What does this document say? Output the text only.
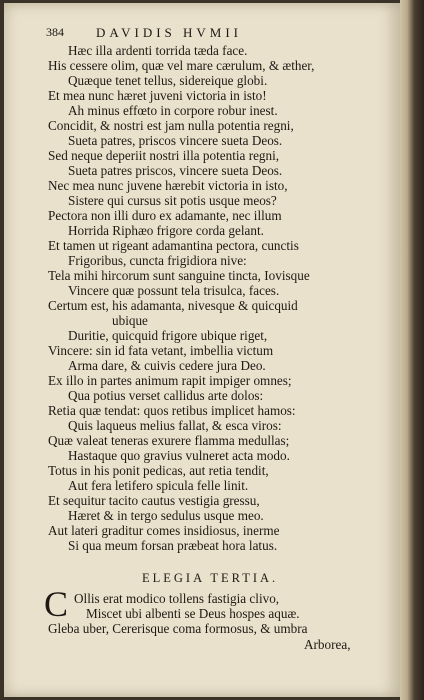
384 DAVIDIS HVMII
Hæc illa ardenti torrida tæda face.
His cessere olim, quæ vel mare cærulum, & æther,
Quæque tenet tellus, sidereique globi.
Et mea nunc hæret juveni victoria in isto!
Ah minus effœto in corpore robur inest.
Concidit, & nostri est jam nulla potentia regni,
Sueta patres, priscos vincere sueta Deos.
Sed neque deperiit nostri illa potentia regni,
Sueta patres priscos, vincere sueta Deos.
Nec mea nunc juvene hærebit victoria in isto,
Sistere qui cursus sit potis usque meos?
Pectora non illi duro ex adamante, nec illum
Horrida Riphæo frigore corda gelant.
Et tamen ut rigeant adamantina pectora, cunctis
Frigoribus, cuncta frigidiora nive:
Tela mihi hircorum sunt sanguine tincta, Iovisque
Vincere quæ possunt tela trisulca, faces.
Certum est, his adamanta, nivesque & quicquid
ubique
Duritie, quicquid frigore ubique riget,
Vincere: sin id fata vetant, imbellia victum
Arma dare, & cuivis cedere jura Deo.
Ex illo in partes animum rapit impiger omnes;
Qua potius verset callidus arte dolos:
Retia quæ tendat: quos retibus implicet hamos:
Quis laqueus melius fallat, & esca viros:
Quæ valeat teneras exurere flamma medullas;
Hastaque quo gravius vulneret acta modo.
Totus in his ponit pedicas, aut retia tendit,
Aut fera letifero spicula felle linit.
Et sequitur tacito cautus vestigia gressu,
Hæret & in tergo sedulus usque meo.
Aut lateri graditur comes insidiosus, inerme
Si qua meum forsan præbeat hora latus.
ELEGIA TERTIA.
C Ollis erat modico tollens fastigia clivo,
Miscet ubi albenti se Deus hospes aquæ.
Gleba uber, Cererisque coma formosus, & umbra
Arborea,
